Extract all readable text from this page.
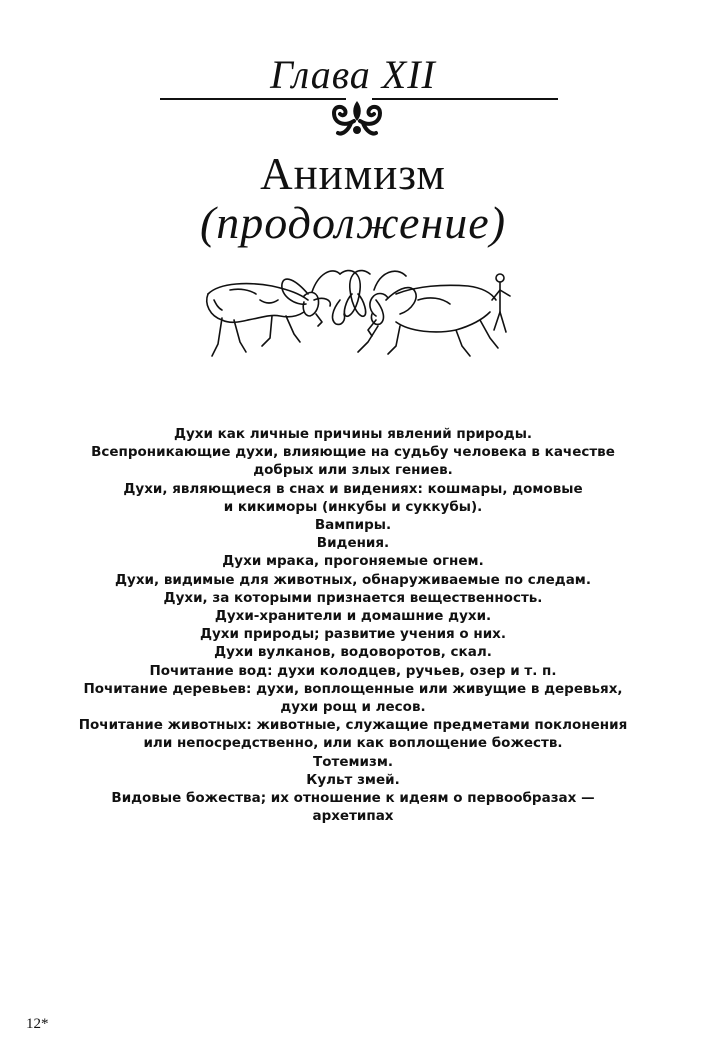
Глава XII
Анимизм
(продолжение)
Духи как личные причины явлений природы.
Всепроникающие духи, влияющие на судьбу человека в качестве
добрых или злых гениев.
Духи, являющиеся в снах и видениях: кошмары, домовые
и кикиморы (инкубы и суккубы).
Вампиры.
Видения.
Духи мрака, прогоняемые огнем.
Духи, видимые для животных, обнаруживаемые по следам.
Духи, за которыми признается вещественность.
Духи-хранители и домашние духи.
Духи природы; развитие учения о них.
Духи вулканов, водоворотов, скал.
Почитание вод: духи колодцев, ручьев, озер и т. п.
Почитание деревьев: духи, воплощенные или живущие в деревьях,
духи рощ и лесов.
Почитание животных: животные, служащие предметами поклонения
или непосредственно, или как воплощение божеств.
Тотемизм.
Культ змей.
Видовые божества; их отношение к идеям о первообразах —
архетипах
12*
